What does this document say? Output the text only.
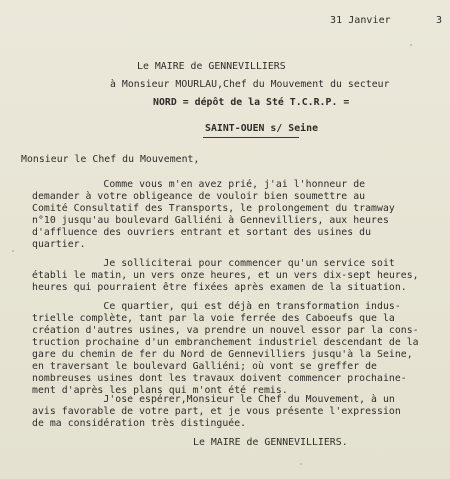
31 Janvier	3
Le MAIRE de GENNEVILLIERS
à Monsieur MOURLAU,Chef du Mouvement du secteur
NORD = dépôt de la Sté T.C.R.P. =
SAINT-OUEN s/ Seine
Monsieur le Chef du Mouvement,
Comme vous m'en avez prié, j'ai l'honneur de
demander à votre obligeance de vouloir bien soumettre au
Comité Consultatif des Transports, le prolongement du tramway
n°10 jusqu'au boulevard Galliéni à Gennevilliers, aux heures
d'affluence des ouvriers entrant et sortant des usines du
quartier.
Je solliciterai pour commencer qu'un service soit
établi le matin, un vers onze heures, et un vers dix-sept heures,
heures qui pourraient être fixées après examen de la situation.
Ce quartier, qui est déjà en transformation indus-
trielle complète, tant par la voie ferrée des Caboeufs que la
création d'autres usines, va prendre un nouvel essor par la cons-
truction prochaine d'un embranchement industriel descendant de la
gare du chemin de fer du Nord de Gennevilliers jusqu'à la Seine,
en traversant le boulevard Galliéni; où vont se greffer de
nombreuses usines dont les travaux doivent commencer prochaine-
ment d'après les plans qui m'ont été remis.
J'ose espérer,Monsieur le Chef du Mouvement, à un
avis favorable de votre part, et je vous présente l'expression
de ma considération très distinguée.
Le MAIRE de GENNEVILLIERS.
